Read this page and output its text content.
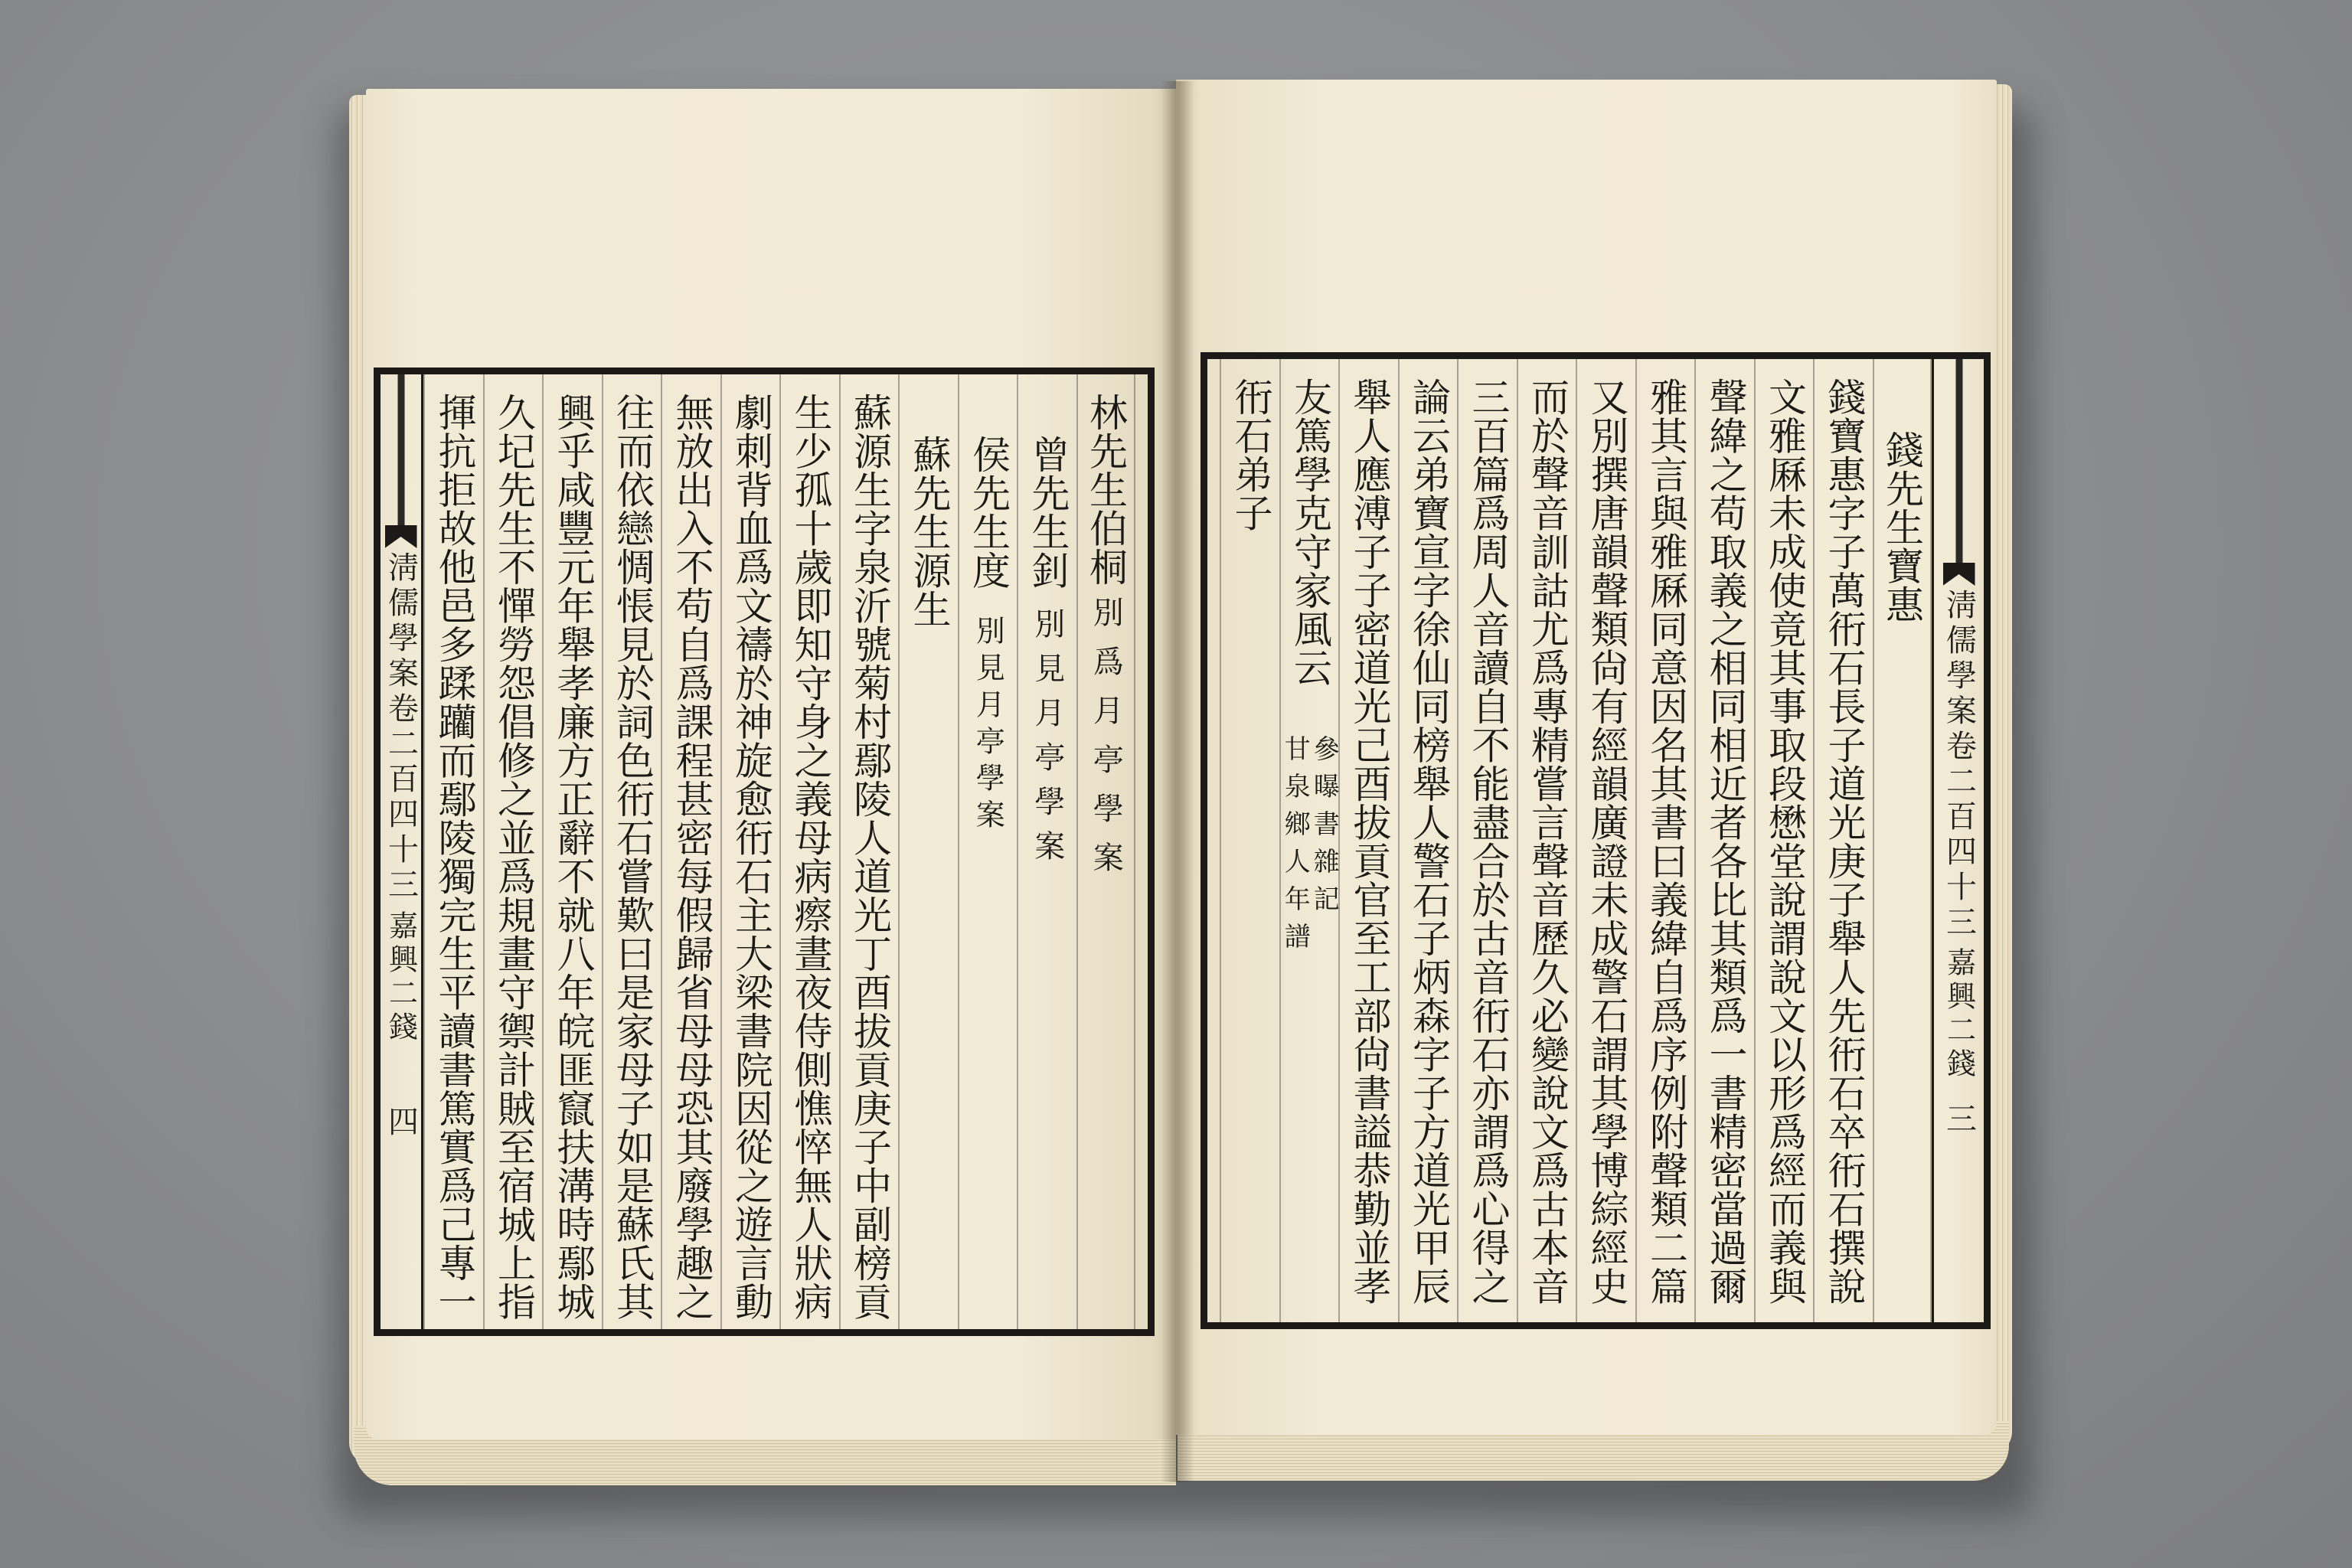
淸儒學案卷二百四十三
嘉興二錢
四
林先生伯桐
別爲月亭學案
曾先生釗
別見月亭學案
侯先生度
別見月亭學案
蘇先生源生
蘇源生字泉沂號菊村鄢陵人道光丁酉拔貢庚子中副榜貢
生少孤十歲即知守身之義母病瘵晝夜侍側憔悴無人狀病
劇刺背血爲文禱於神旋愈衎石主大梁書院因從之遊言動
無放出入不苟自爲課程甚密每假歸省母母恐其廢學趣之
往而依戀惆悵見於詞色衎石嘗歎曰是家母子如是蘇氏其
興乎咸豐元年舉孝廉方正辭不就八年皖匪竄扶溝時鄢城
久圮先生不憚勞怨倡修之並爲規畫守禦計賊至宿城上指
揮抗拒故他邑多蹂躪而鄢陵獨完生平讀書篤實爲己專一	錢先生寶惠
錢寶惠字子萬衎石長子道光庚子舉人先衎石卒衎石撰說
文雅厤未成使竟其事取段懋堂說謂說文以形爲經而義與
聲緯之苟取義之相同相近者各比其類爲一書精密當過爾
雅其言與雅厤同意因名其書曰義緯自爲序例附聲類二篇
又別撰唐韻聲類尙有經韻廣證未成警石謂其學博綜經史
而於聲音訓詁尤爲專精嘗言聲音歷久必變說文爲古本音
三百篇爲周人音讀自不能盡合於古音衎石亦謂爲心得之
論云弟寶宣字徐仙同榜舉人警石子炳森字子方道光甲辰
舉人應溥子子密道光己酉拔貢官至工部尙書謚恭勤並孝
友篤學克守家風云
參曝書雜記
甘泉鄉人年譜
衎石弟子
淸儒學案卷二百四十三
嘉興二錢
三
